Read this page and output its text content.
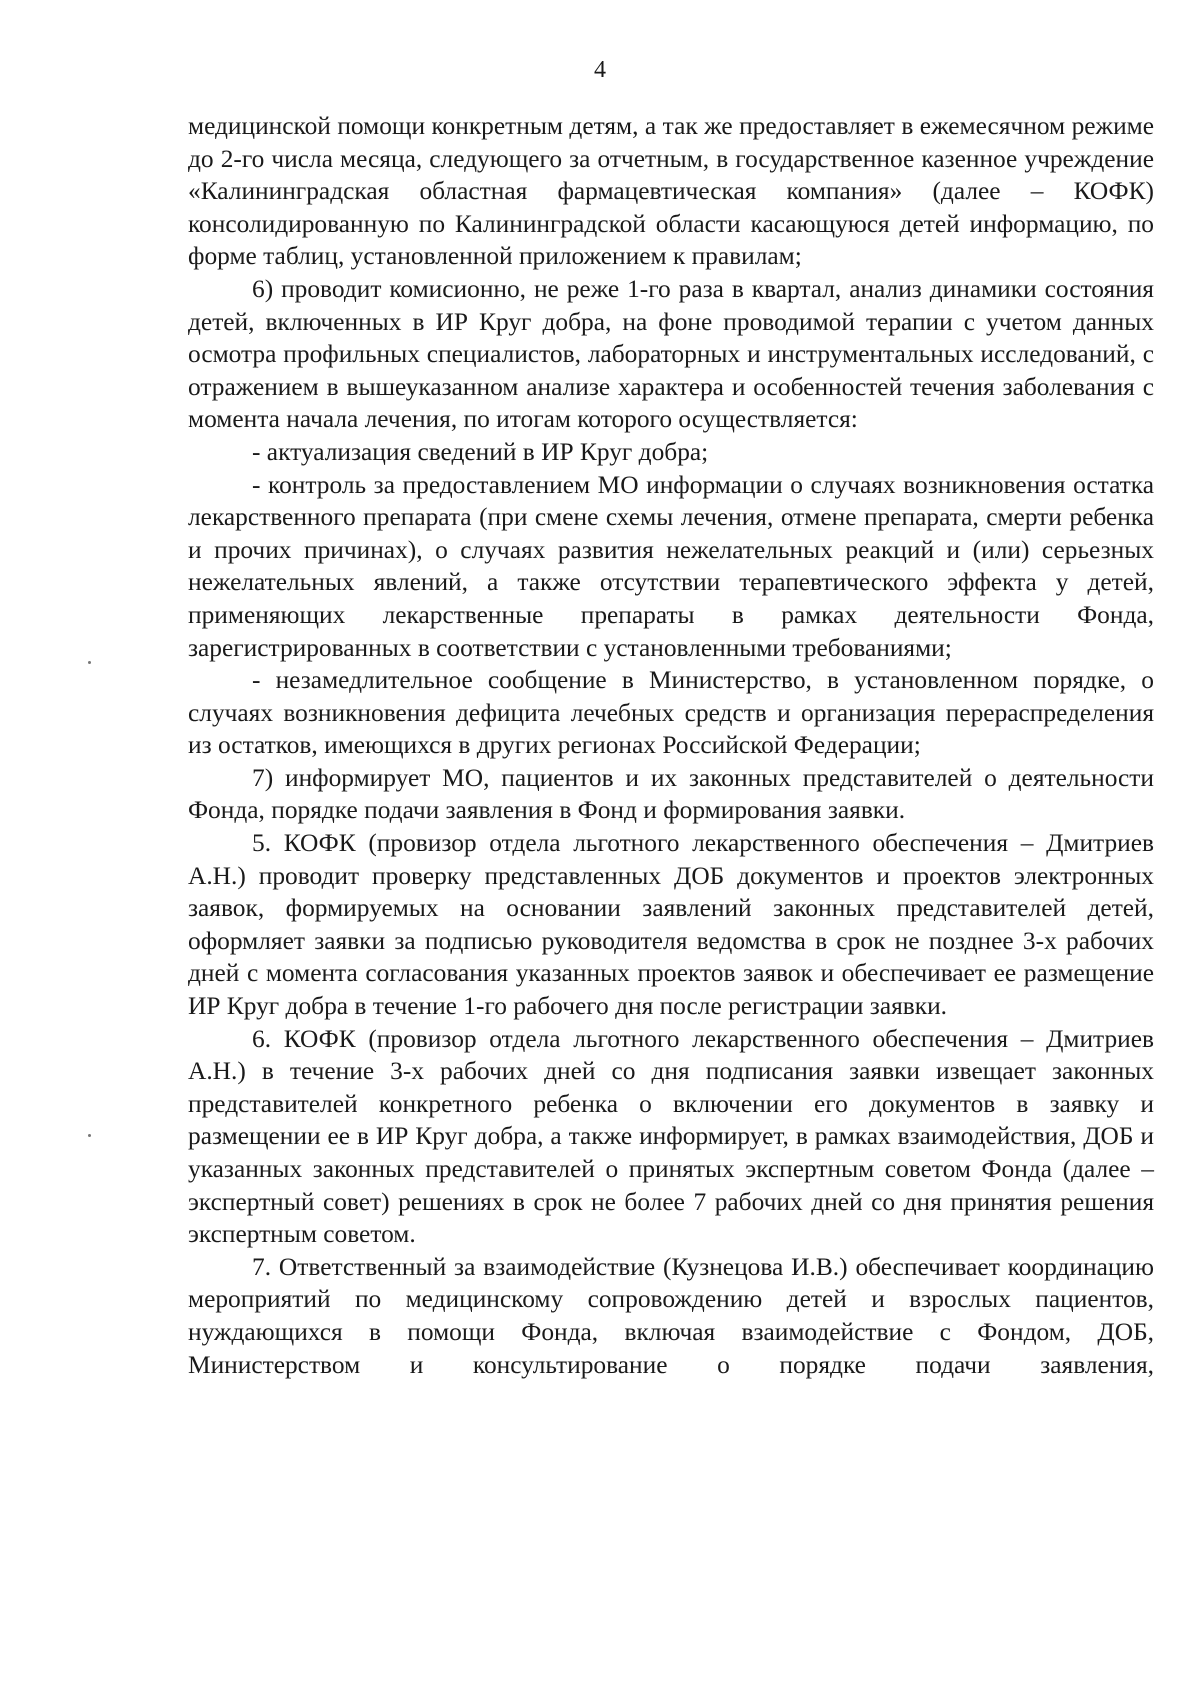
4

медицинской помощи конкретным детям, а так же предоставляет в ежемесячном режиме до 2-го числа месяца, следующего за отчетным, в государственное казенное учреждение «Калининградская областная фармацевтическая компания» (далее – КОФК) консолидированную по Калининградской области касающуюся детей информацию, по форме таблиц, установленной приложением к правилам;

6) проводит комисионно, не реже 1-го раза в квартал, анализ динамики состояния детей, включенных в ИР Круг добра, на фоне проводимой терапии с учетом данных осмотра профильных специалистов, лабораторных и инструментальных исследований, с отражением в вышеуказанном анализе характера и особенностей течения заболевания с момента начала лечения, по итогам которого осуществляется:

- актуализация сведений в ИР Круг добра;

- контроль за предоставлением МО информации о случаях возникновения остатка лекарственного препарата (при смене схемы лечения, отмене препарата, смерти ребенка и прочих причинах), о случаях развития нежелательных реакций и (или) серьезных нежелательных явлений, а также отсутствии терапевтического эффекта у детей, применяющих лекарственные препараты в рамках деятельности Фонда, зарегистрированных в соответствии с установленными требованиями;

- незамедлительное сообщение в Министерство, в установленном порядке, о случаях возникновения дефицита лечебных средств и организация перераспределения из остатков, имеющихся в других регионах Российской Федерации;

7) информирует МО, пациентов и их законных представителей о деятельности Фонда, порядке подачи заявления в Фонд и формирования заявки.

5. КОФК (провизор отдела льготного лекарственного обеспечения – Дмитриев А.Н.) проводит проверку представленных ДОБ документов и проектов электронных заявок, формируемых на основании заявлений законных представителей детей, оформляет заявки за подписью руководителя ведомства в срок не позднее 3-х рабочих дней с момента согласования указанных проектов заявок и обеспечивает ее размещение ИР Круг добра в течение 1-го рабочего дня после регистрации заявки.

6. КОФК (провизор отдела льготного лекарственного обеспечения – Дмитриев А.Н.) в течение 3-х рабочих дней со дня подписания заявки извещает законных представителей конкретного ребенка о включении его документов в заявку и размещении ее в ИР Круг добра, а также информирует, в рамках взаимодействия, ДОБ и указанных законных представителей о принятых экспертным советом Фонда (далее – экспертный совет) решениях в срок не более 7 рабочих дней со дня принятия решения экспертным советом.

7. Ответственный за взаимодействие (Кузнецова И.В.) обеспечивает координацию мероприятий по медицинскому сопровождению детей и взрослых пациентов, нуждающихся в помощи Фонда, включая взаимодействие с Фондом, ДОБ, Министерством и консультирование о порядке подачи заявления,
